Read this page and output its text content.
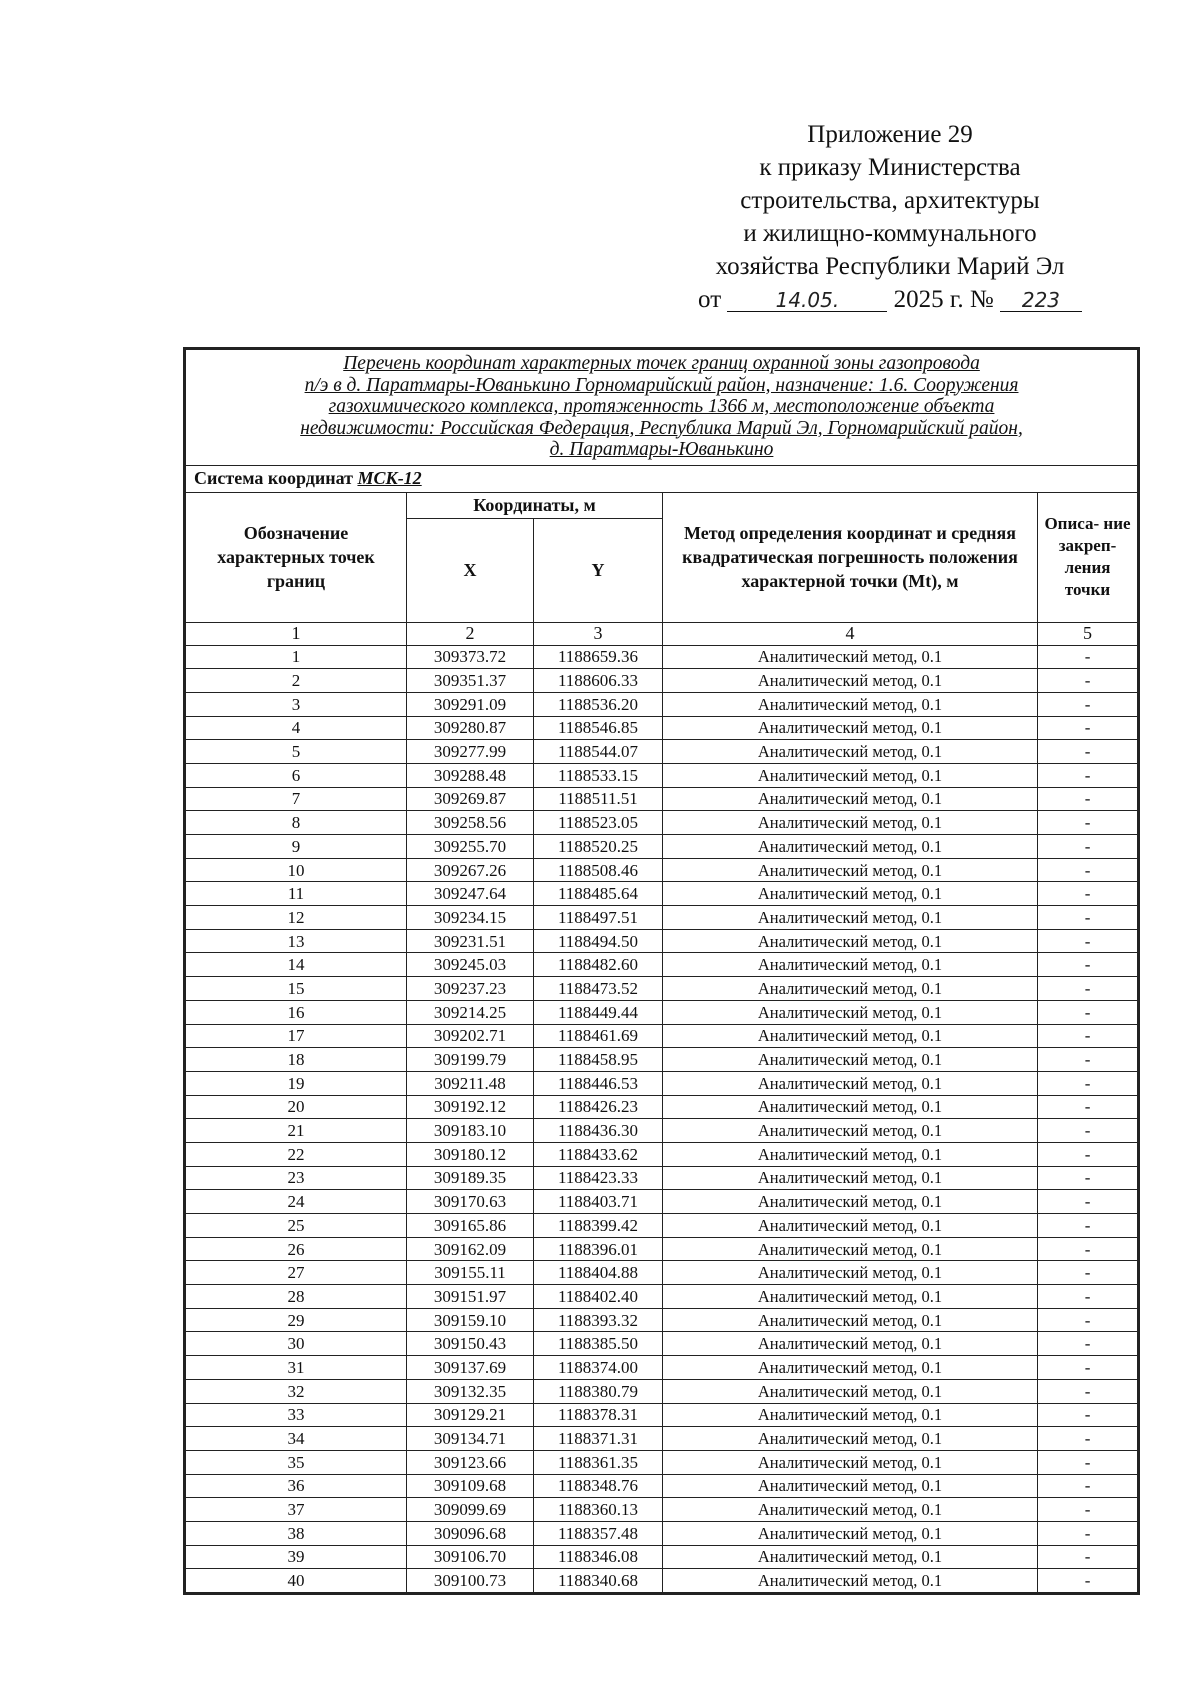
Приложение 29
к приказу Министерства
строительства, архитектуры
и жилищно-коммунального
хозяйства Республики Марий Эл
от	14.05. 2025 г. № 223
Перечень координат характерных точек границ охранной зоны газопровода
п/э в д. Параmмары-Юванькино Горномарийский район, назначение: 1.6. Сооружения
газохимического комплекса, протяженность 1366 м, местоположение объекта
недвижимости: Российская Федерация, Республика Марий Эл, Горномарийский район,
д. Параmмары-Юванькино				

Система координат МСК-12				
Обозначение характерных точек границ	Координаты, м		Метод определения координат и средняя квадратическая погрешность положения характерной точки (Mt), м	Описа- ние закреп- ления точки
	X	Y		
1	2	3	4	5
1	309373.72	1188659.36	Аналитический метод, 0.1	-
2	309351.37	1188606.33	Аналитический метод, 0.1	-
3	309291.09	1188536.20	Аналитический метод, 0.1	-
4	309280.87	1188546.85	Аналитический метод, 0.1	-
5	309277.99	1188544.07	Аналитический метод, 0.1	-
6	309288.48	1188533.15	Аналитический метод, 0.1	-
7	309269.87	1188511.51	Аналитический метод, 0.1	-
8	309258.56	1188523.05	Аналитический метод, 0.1	-
9	309255.70	1188520.25	Аналитический метод, 0.1	-
10	309267.26	1188508.46	Аналитический метод, 0.1	-
11	309247.64	1188485.64	Аналитический метод, 0.1	-
12	309234.15	1188497.51	Аналитический метод, 0.1	-
13	309231.51	1188494.50	Аналитический метод, 0.1	-
14	309245.03	1188482.60	Аналитический метод, 0.1	-
15	309237.23	1188473.52	Аналитический метод, 0.1	-
16	309214.25	1188449.44	Аналитический метод, 0.1	-
17	309202.71	1188461.69	Аналитический метод, 0.1	-
18	309199.79	1188458.95	Аналитический метод, 0.1	-
19	309211.48	1188446.53	Аналитический метод, 0.1	-
20	309192.12	1188426.23	Аналитический метод, 0.1	-
21	309183.10	1188436.30	Аналитический метод, 0.1	-
22	309180.12	1188433.62	Аналитический метод, 0.1	-
23	309189.35	1188423.33	Аналитический метод, 0.1	-
24	309170.63	1188403.71	Аналитический метод, 0.1	-
25	309165.86	1188399.42	Аналитический метод, 0.1	-
26	309162.09	1188396.01	Аналитический метод, 0.1	-
27	309155.11	1188404.88	Аналитический метод, 0.1	-
28	309151.97	1188402.40	Аналитический метод, 0.1	-
29	309159.10	1188393.32	Аналитический метод, 0.1	-
30	309150.43	1188385.50	Аналитический метод, 0.1	-
31	309137.69	1188374.00	Аналитический метод, 0.1	-
32	309132.35	1188380.79	Аналитический метод, 0.1	-
33	309129.21	1188378.31	Аналитический метод, 0.1	-
34	309134.71	1188371.31	Аналитический метод, 0.1	-
35	309123.66	1188361.35	Аналитический метод, 0.1	-
36	309109.68	1188348.76	Аналитический метод, 0.1	-
37	309099.69	1188360.13	Аналитический метод, 0.1	-
38	309096.68	1188357.48	Аналитический метод, 0.1	-
39	309106.70	1188346.08	Аналитический метод, 0.1	-
40	309100.73	1188340.68	Аналитический метод, 0.1	-
